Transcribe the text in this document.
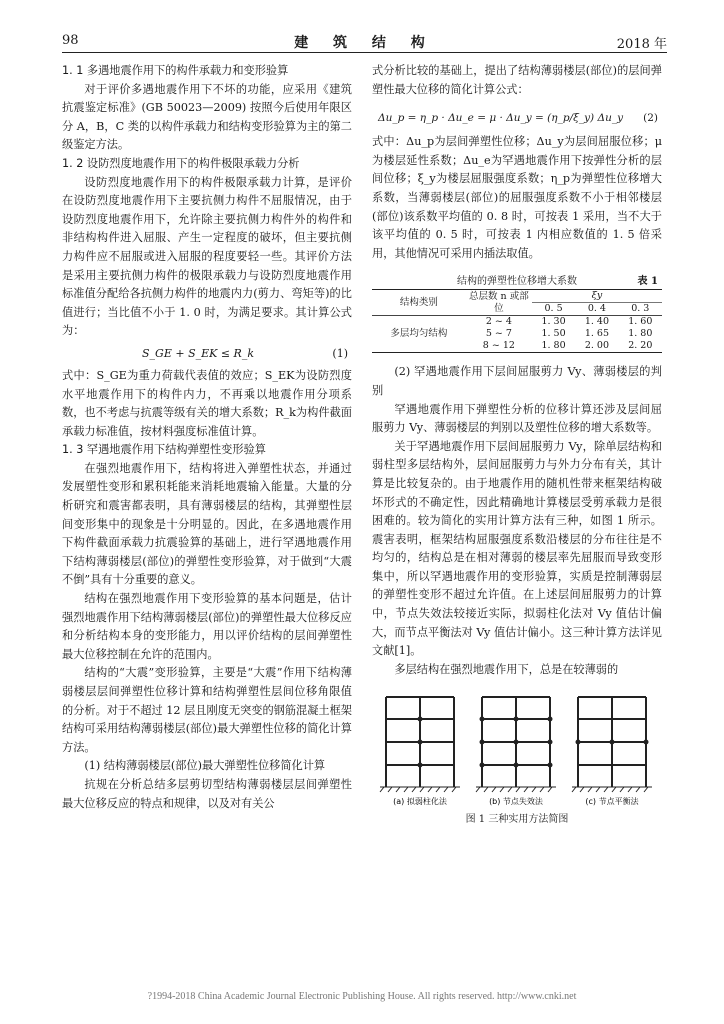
98	建 筑 结 构	2018 年
1. 1 多遇地震作用下的构件承载力和变形验算

对于评价多遇地震作用下不坏的功能，应采用《建筑抗震鉴定标准》(GB 50023—2009) 按照今后使用年限区分 A，B，C 类的以构件承载力和结构变形验算为主的第二级鉴定方法。

1. 2 设防烈度地震作用下的构件极限承载力分析

设防烈度地震作用下的构件极限承载力计算，是评价在设防烈度地震作用下主要抗侧力构件不屈服情况，由于设防烈度地震作用下，允许除主要抗侧力构件外的构件和非结构构件进入屈服、产生一定程度的破坏，但主要抗侧力构件应不屈服或进入屈服的程度要轻一些。其评价方法是采用主要抗侧力构件的极限承载力与设防烈度地震作用标准值分配给各抗侧力构件的地震内力(剪力、弯矩等)的比值进行；当比值不小于 1. 0 时，为满足要求。其计算公式为：

S_GE + S_EK ≤ R_k	(1)

式中：S_GE为重力荷载代表值的效应；S_EK为设防烈度水平地震作用下的构件内力，不再乘以地震作用分项系数，也不考虑与抗震等级有关的增大系数；R_k为构件截面承载力标准值，按材料强度标准值计算。

1. 3 罕遇地震作用下结构弹塑性变形验算

在强烈地震作用下，结构将进入弹塑性状态，并通过发展塑性变形和累积耗能来消耗地震输入能量。大量的分析研究和震害都表明，具有薄弱楼层的结构，其弹塑性层间变形集中的现象是十分明显的。因此，在多遇地震作用下构件截面承载力抗震验算的基础上，进行罕遇地震作用下结构薄弱楼层(部位)的弹塑性变形验算，对于做到“大震不倒”具有十分重要的意义。

结构在强烈地震作用下变形验算的基本问题是，估计强烈地震作用下结构薄弱楼层(部位)的弹塑性最大位移反应和分析结构本身的变形能力，用以评价结构的层间弹塑性最大位移控制在允许的范围内。

结构的“大震”变形验算，主要是“大震”作用下结构薄弱楼层层间弹塑性位移计算和结构弹塑性层间位移角限值的分析。对于不超过 12 层且刚度无突变的钢筋混凝土框架结构可采用结构薄弱楼层(部位)最大弹塑性位移的简化计算方法。

(1) 结构薄弱楼层(部位)最大弹塑性位移简化计算

抗规在分析总结多层剪切型结构薄弱楼层层间弹塑性最大位移反应的特点和规律，以及对有关公

式分析比较的基础上，提出了结构薄弱楼层(部位)的层间弹塑性最大位移的简化计算公式：

Δu_p = η_p · Δu_e = μ · Δu_y = (η_p/ξ_y) Δu_y (2)

式中：Δu_p为层间弹塑性位移；Δu_y为层间屈服位移；μ为楼层延性系数；Δu_e为罕遇地震作用下按弹性分析的层间位移；ξ_y为楼层屈服强度系数；η_p为弹塑性位移增大系数，当薄弱楼层(部位)的屈服强度系数不小于相邻楼层(部位)该系数平均值的 0. 8 时，可按表 1 采用，当不大于该平均值的 0. 5 时，可按表 1 内相应数值的 1. 5 倍采用，其他情况可采用内插法取值。

结构的弹塑性位移增大系数	表 1
结构类别	总层数 n 或部位	ξy		
		0. 5	0. 4	0. 3
多层均匀结构	2 ~ 4	1. 30	1. 40	1. 60
	5 ~ 7	1. 50	1. 65	1. 80
	8 ~ 12	1. 80	2. 00	2. 20

(2) 罕遇地震作用下层间屈服剪力 Vy、薄弱楼层的判别

罕遇地震作用下弹塑性分析的位移计算还涉及层间屈服剪力 Vy、薄弱楼层的判别以及塑性位移的增大系数等。

关于罕遇地震作用下层间屈服剪力 Vy，除单层结构和弱柱型多层结构外，层间屈服剪力与外力分布有关，其计算是比较复杂的。由于地震作用的随机性带来框架结构破坏形式的不确定性，因此精确地计算楼层受剪承载力是很困难的。较为简化的实用计算方法有三种，如图 1 所示。震害表明，框架结构屈服强度系数沿楼层的分布往往是不均匀的，结构总是在相对薄弱的楼层率先屈服而导致变形集中，所以罕遇地震作用的变形验算，实质是控制薄弱层的弹塑性变形不超过允许值。在上述层间屈服剪力的计算中，节点失效法较接近实际，拟弱柱化法对 Vy 值估计偏大，而节点平衡法对 Vy 值估计偏小。这三种计算方法详见文献[1]。

多层结构在强烈地震作用下，总是在较薄弱的

(a) 拟弱柱化法	(b) 节点失效法	(c) 节点平衡法
图 1 三种实用方法简图
?1994-2018 China Academic Journal Electronic Publishing House. All rights reserved. http://www.cnki.net
